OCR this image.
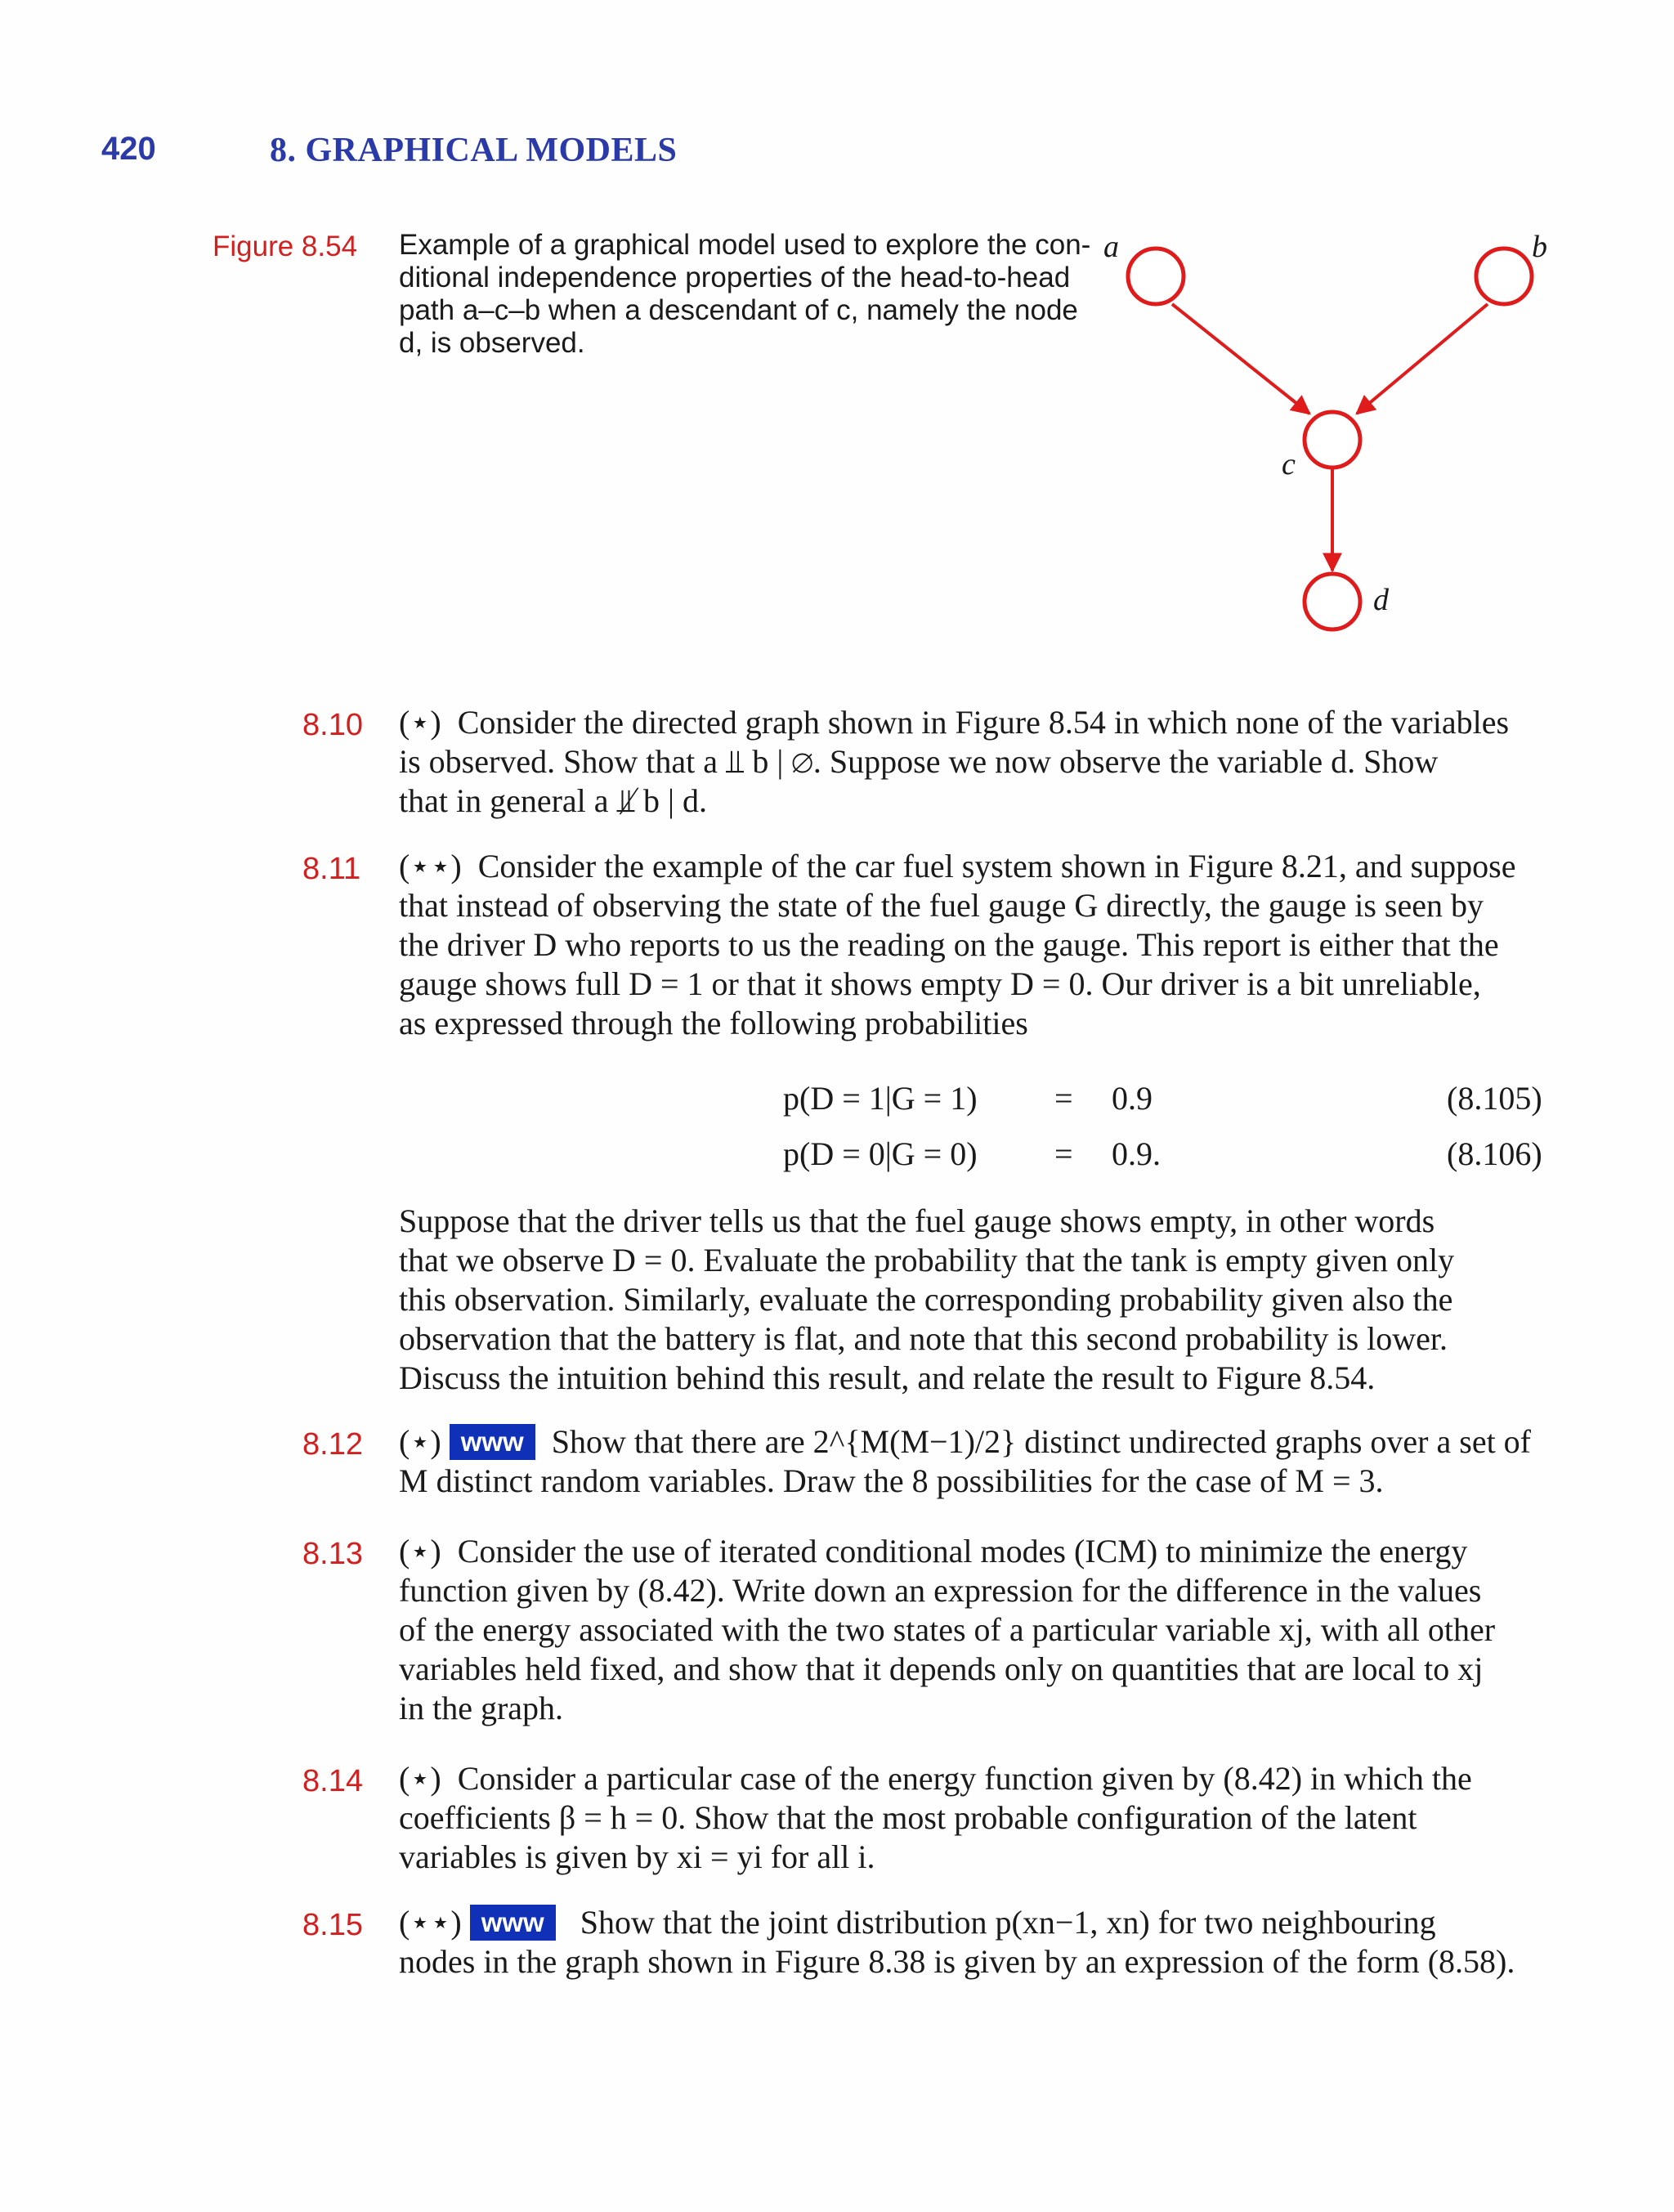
420	8. GRAPHICAL MODELS
Figure 8.54 Example of a graphical model used to explore the con-
ditional independence properties of the head-to-head
path a–c–b when a descendant of c, namely the node
d, is observed.
a	b
c
d
8.10 (⋆) Consider the directed graph shown in Figure 8.54 in which none of the variables
is observed. Show that a ⫫ b | ∅. Suppose we now observe the variable d. Show
that in general a ⫫̸ b | d.
8.11 (⋆⋆) Consider the example of the car fuel system shown in Figure 8.21, and suppose
that instead of observing the state of the fuel gauge G directly, the gauge is seen by
the driver D who reports to us the reading on the gauge. This report is either that the
gauge shows full D = 1 or that it shows empty D = 0. Our driver is a bit unreliable,
as expressed through the following probabilities
p(D = 1|G = 1) = 0.9	(8.105)
p(D = 0|G = 0) = 0.9.	(8.106)
Suppose that the driver tells us that the fuel gauge shows empty, in other words
that we observe D = 0. Evaluate the probability that the tank is empty given only
this observation. Similarly, evaluate the corresponding probability given also the
observation that the battery is flat, and note that this second probability is lower.
Discuss the intuition behind this result, and relate the result to Figure 8.54.
8.12 (⋆) www Show that there are 2^{M(M−1)/2} distinct undirected graphs over a set of
M distinct random variables. Draw the 8 possibilities for the case of M = 3.
8.13 (⋆) Consider the use of iterated conditional modes (ICM) to minimize the energy
function given by (8.42). Write down an expression for the difference in the values
of the energy associated with the two states of a particular variable xj, with all other
variables held fixed, and show that it depends only on quantities that are local to xj
in the graph.
8.14 (⋆) Consider a particular case of the energy function given by (8.42) in which the
coefficients β = h = 0. Show that the most probable configuration of the latent
variables is given by xi = yi for all i.
8.15 (⋆⋆) www Show that the joint distribution p(xn−1, xn) for two neighbouring
nodes in the graph shown in Figure 8.38 is given by an expression of the form (8.58).
